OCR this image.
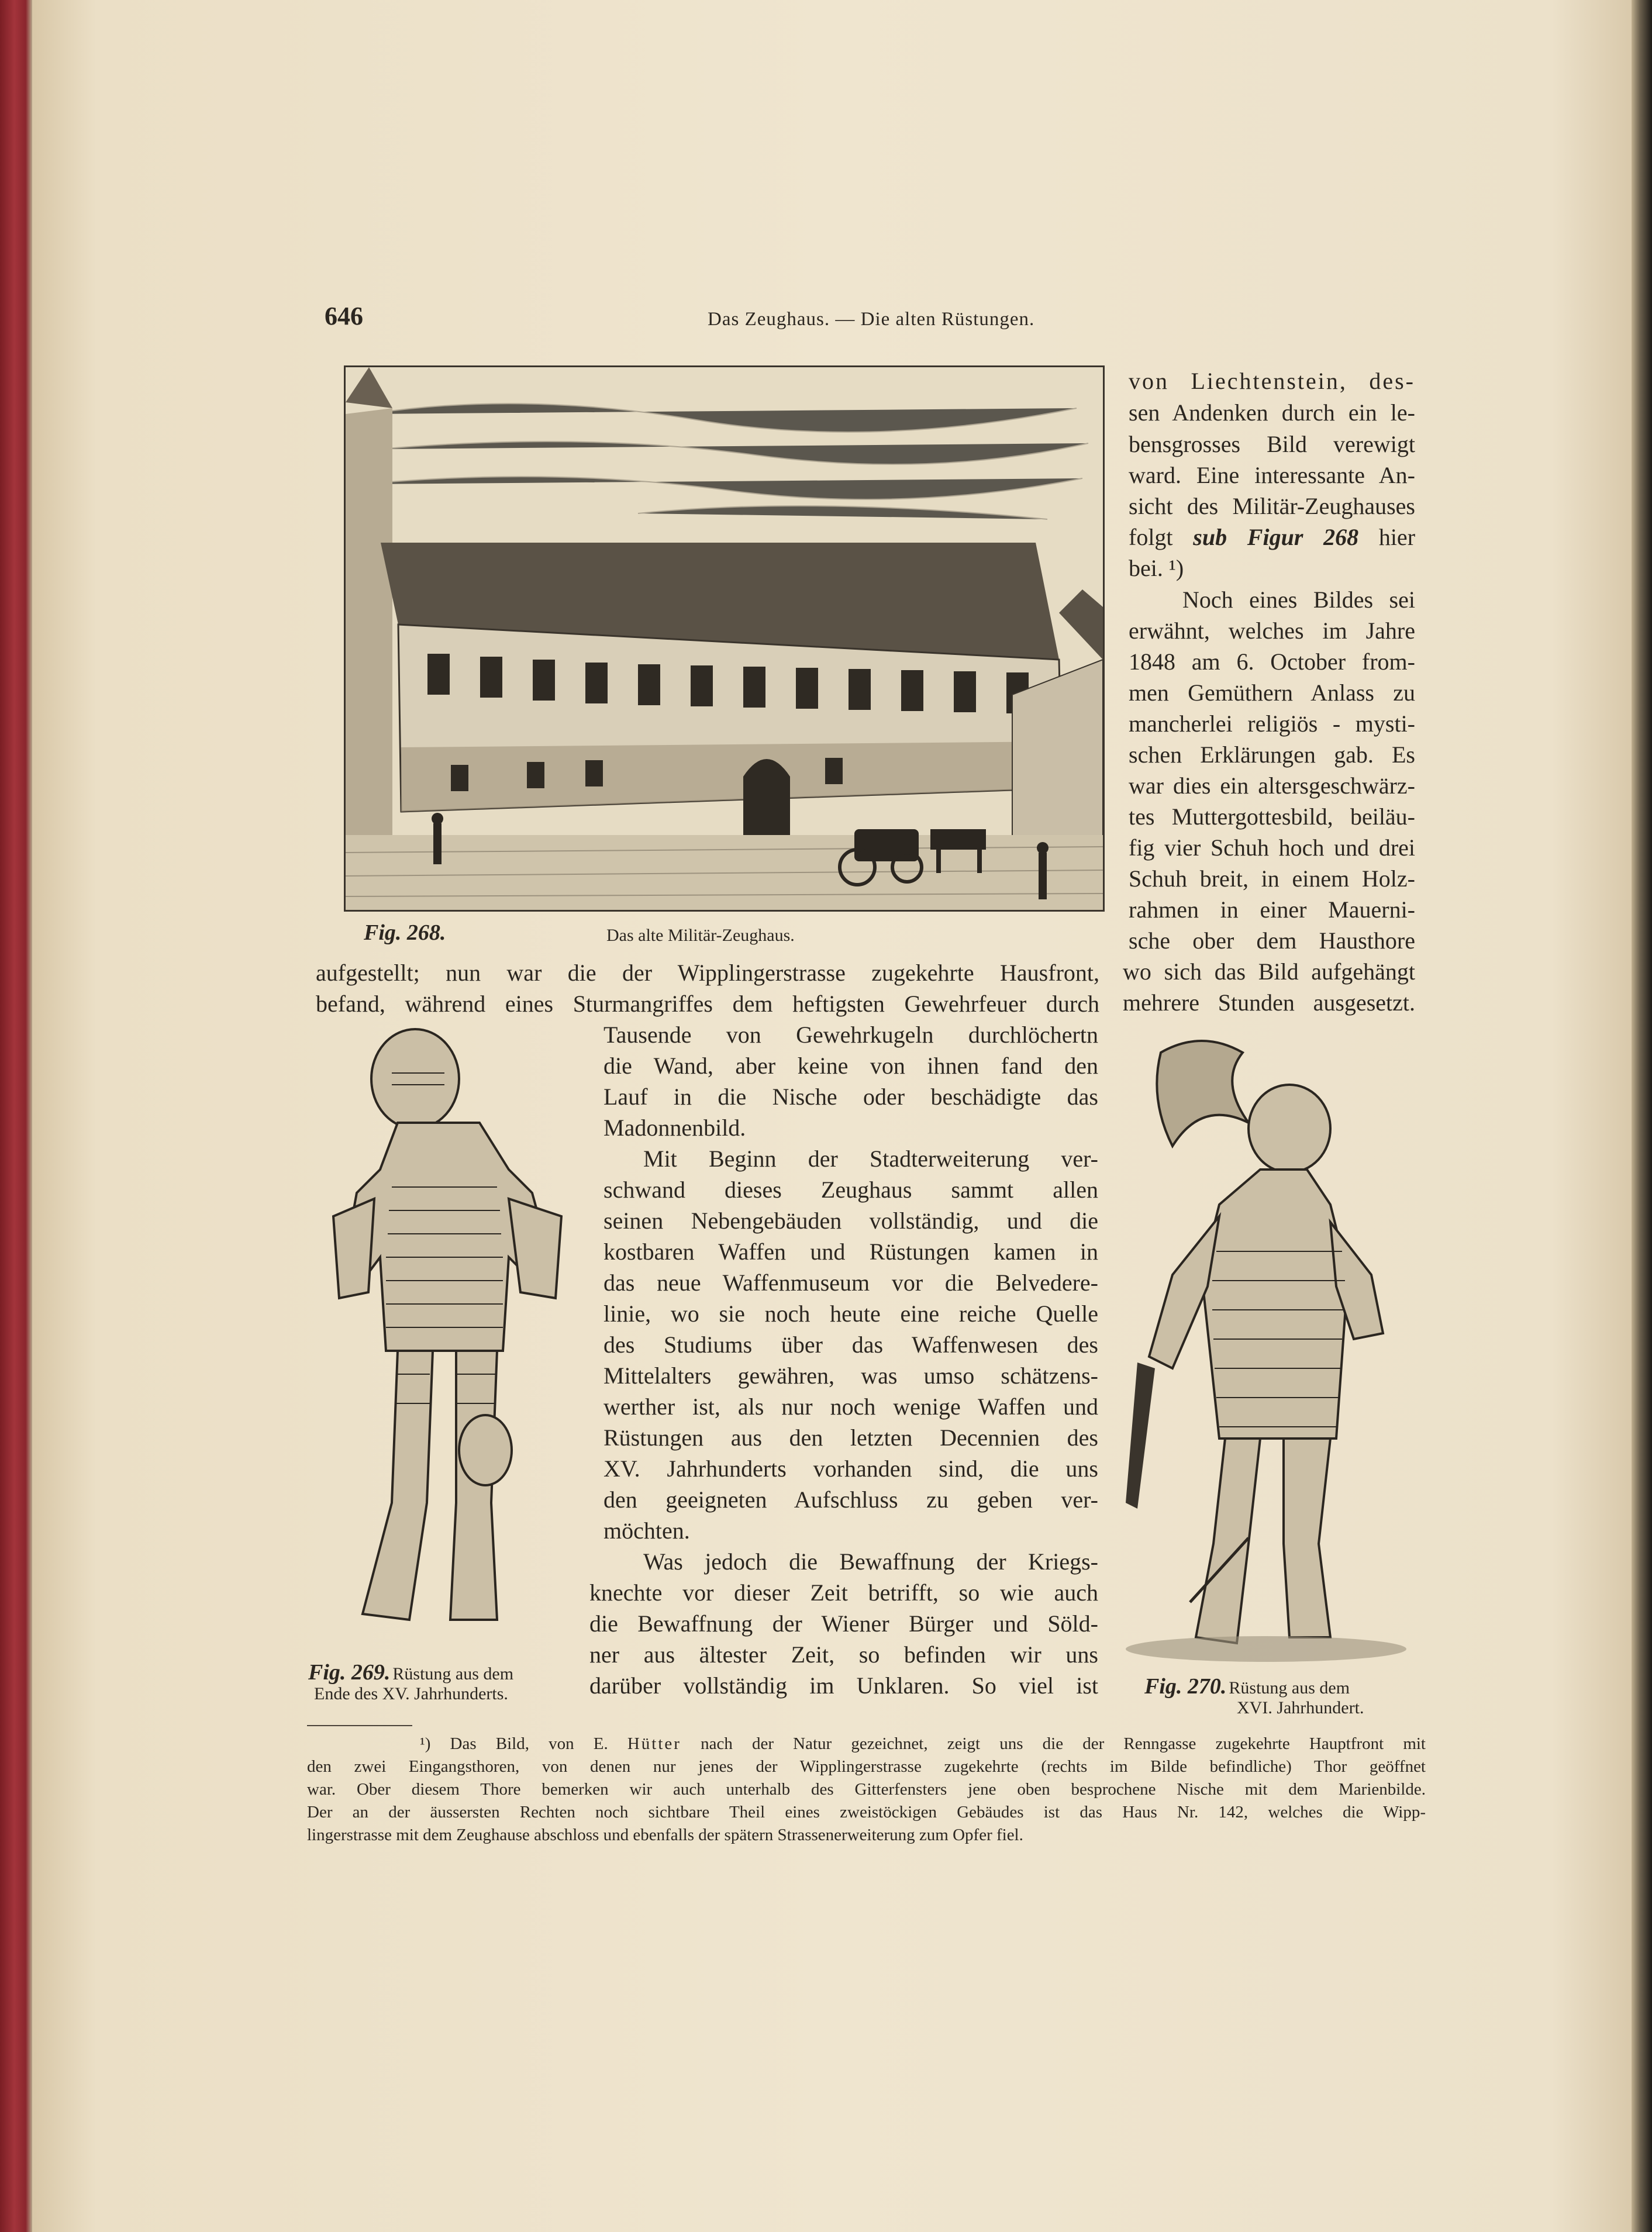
646	Das Zeughaus. — Die alten Rüstungen.
Fig. 268.	Das alte Militär-Zeughaus.
Fig. 269. Rüstung aus dem
Ende des XV. Jahrhunderts.	Fig. 270. Rüstung aus dem
XVI. Jahrhundert.
von Liechtenstein, des-
sen Andenken durch ein le-
bensgrosses Bild verewigt
ward. Eine interessante An-
sicht des Militär-Zeughauses
folgt sub Figur 268 hier
bei. ¹)
Noch eines Bildes sei
erwähnt, welches im Jahre
1848 am 6. October from-
men Gemüthern Anlass zu
mancherlei religiös - mysti-
schen Erklärungen gab. Es
war dies ein altersgeschwärz-
tes Muttergottesbild, beiläu-
fig vier Schuh hoch und drei
Schuh breit, in einem Holz-
rahmen in einer Mauerni-
sche ober dem Hausthore
wo sich das Bild aufgehängt
mehrere Stunden ausgesetzt.
aufgestellt; nun war die der Wipplingerstrasse zugekehrte Hausfront,
befand, während eines Sturmangriffes dem heftigsten Gewehrfeuer durch
Tausende von Gewehrkugeln durchlöchertn
die Wand, aber keine von ihnen fand den
Lauf in die Nische oder beschädigte das
Madonnenbild.
Mit Beginn der Stadterweiterung ver-
schwand dieses Zeughaus sammt allen
seinen Nebengebäuden vollständig, und die
kostbaren Waffen und Rüstungen kamen in
das neue Waffenmuseum vor die Belvedere-
linie, wo sie noch heute eine reiche Quelle
des Studiums über das Waffenwesen des
Mittelalters gewähren, was umso schätzens-
werther ist, als nur noch wenige Waffen und
Rüstungen aus den letzten Decennien des
XV. Jahrhunderts vorhanden sind, die uns
den geeigneten Aufschluss zu geben ver-
möchten.
Was jedoch die Bewaffnung der Kriegs-
knechte vor dieser Zeit betrifft, so wie auch
die Bewaffnung der Wiener Bürger und Söld-
ner aus ältester Zeit, so befinden wir uns
darüber vollständig im Unklaren. So viel ist
¹) Das Bild, von E. Hütter nach der Natur gezeichnet, zeigt uns die der Renngasse zugekehrte Hauptfront mit
den zwei Eingangsthoren, von denen nur jenes der Wipplingerstrasse zugekehrte (rechts im Bilde befindliche) Thor geöffnet
war. Ober diesem Thore bemerken wir auch unterhalb des Gitterfensters jene oben besprochene Nische mit dem Marienbilde.
Der an der äussersten Rechten noch sichtbare Theil eines zweistöckigen Gebäudes ist das Haus Nr. 142, welches die Wipp-
lingerstrasse mit dem Zeughause abschloss und ebenfalls der spätern Strassenerweiterung zum Opfer fiel.
